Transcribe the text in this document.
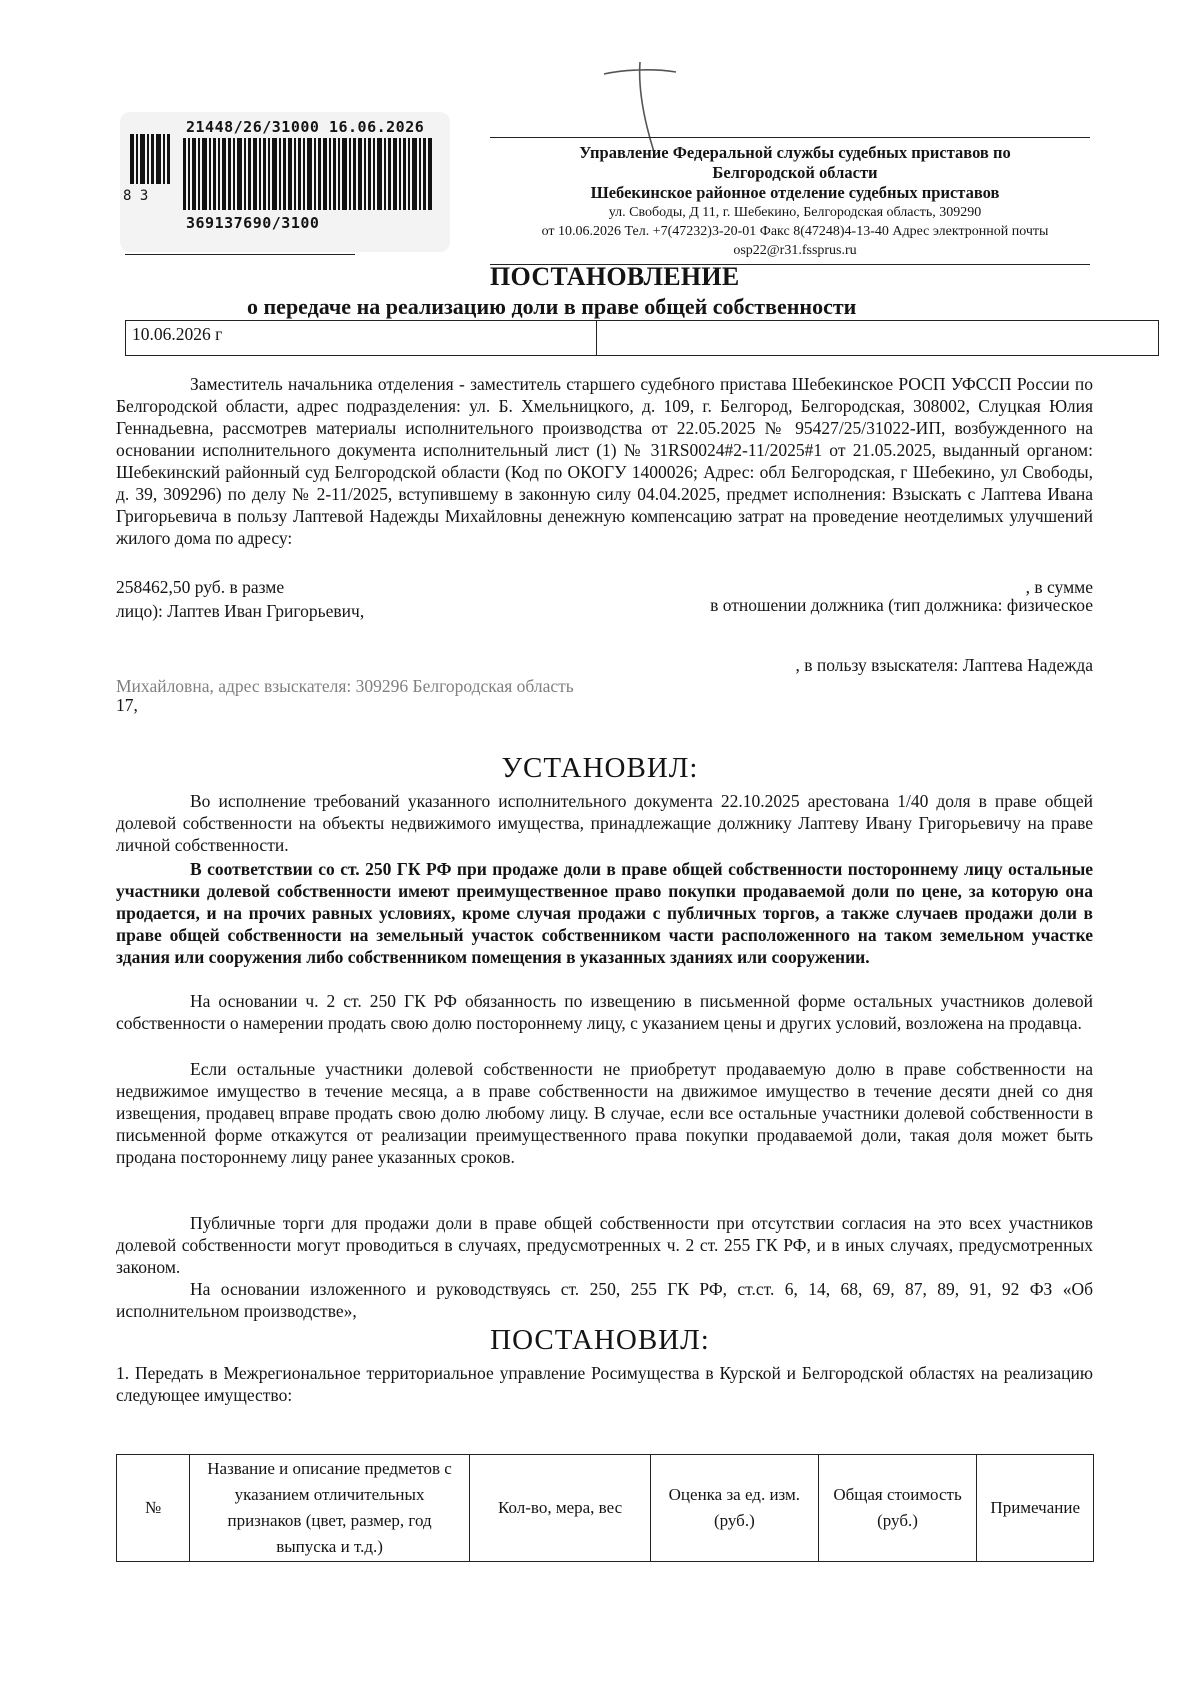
21448/26/31000 16.06.2026
8 3
369137690/3100
Управление Федеральной службы судебных приставов по
Белгородской области
Шебекинское районное отделение судебных приставов
ул. Свободы, Д 11, г. Шебекино, Белгородская область, 309290
от 10.06.2026 Тел. +7(47232)3-20-01 Факс 8(47248)4-13-40 Адрес электронной почты
osp22@r31.fssprus.ru
ПОСТАНОВЛЕНИЕ
о передаче на реализацию доли в праве общей собственности
10.06.2026 г
Заместитель начальника отделения - заместитель старшего судебного пристава Шебекинское РОСП УФССП России по Белгородской области, адрес подразделения: ул. Б. Хмельницкого, д. 109, г. Белгород, Белгородская, 308002, Слуцкая Юлия Геннадьевна, рассмотрев материалы исполнительного производства от 22.05.2025 № 95427/25/31022-ИП, возбужденного на основании исполнительного документа исполнительный лист (1) № 31RS0024#2-11/2025#1 от 21.05.2025, выданный органом: Шебекинский районный суд Белгородской области (Код по ОКОГУ 1400026; Адрес: обл Белгородская, г Шебекино, ул Свободы, д. 39, 309296) по делу № 2-11/2025, вступившему в законную силу 04.04.2025, предмет исполнения: Взыскать с Лаптева Ивана Григорьевича в пользу Лаптевой Надежды Михайловны денежную компенсацию затрат на проведение неотделимых улучшений жилого дома по адресу:
258462,50 руб. в разме	, в сумме
лицо): Лаптев Иван Григорьевич,	в отношении должника (тип должника: физическое
, в пользу взыскателя: Лаптева Надежда
Михайловна, адрес взыскателя: 309296 Белгородская область
17,
УСТАНОВИЛ:
Во исполнение требований указанного исполнительного документа 22.10.2025 арестована 1/40 доля в праве общей долевой собственности на объекты недвижимого имущества, принадлежащие должнику Лаптеву Ивану Григорьевичу на праве личной собственности.
В соответствии со ст. 250 ГК РФ при продаже доли в праве общей собственности постороннему лицу остальные участники долевой собственности имеют преимущественное право покупки продаваемой доли по цене, за которую она продается, и на прочих равных условиях, кроме случая продажи с публичных торгов, а также случаев продажи доли в праве общей собственности на земельный участок собственником части расположенного на таком земельном участке здания или сооружения либо собственником помещения в указанных зданиях или сооружении.
На основании ч. 2 ст. 250 ГК РФ обязанность по извещению в письменной форме остальных участников долевой собственности о намерении продать свою долю постороннему лицу, с указанием цены и других условий, возложена на продавца.
Если остальные участники долевой собственности не приобретут продаваемую долю в праве собственности на недвижимое имущество в течение месяца, а в праве собственности на движимое имущество в течение десяти дней со дня извещения, продавец вправе продать свою долю любому лицу. В случае, если все остальные участники долевой собственности в письменной форме откажутся от реализации преимущественного права покупки продаваемой доли, такая доля может быть продана постороннему лицу ранее указанных сроков.
Публичные торги для продажи доли в праве общей собственности при отсутствии согласия на это всех участников долевой собственности могут проводиться в случаях, предусмотренных ч. 2 ст. 255 ГК РФ, и в иных случаях, предусмотренных законом.
На основании изложенного и руководствуясь ст. 250, 255 ГК РФ, ст.ст. 6, 14, 68, 69, 87, 89, 91, 92 ФЗ «Об исполнительном производстве»,
ПОСТАНОВИЛ:
1. Передать в Межрегиональное территориальное управление Росимущества в Курской и Белгородской областях на реализацию следующее имущество:
№	Название и описание предметов с указанием отличительных признаков (цвет, размер, год выпуска и т.д.)	Кол-во, мера, вес	Оценка за ед. изм. (руб.)	Общая стоимость (руб.)	Примечание
